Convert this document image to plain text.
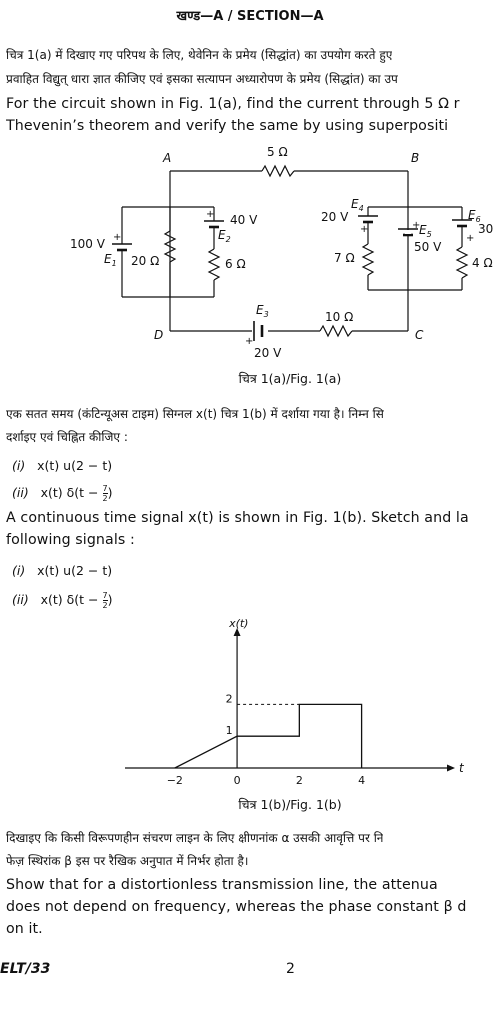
खण्ड—A / SECTION—A
चित्र 1(a) में दिखाए गए परिपथ के लिए, थेवेनिन के प्रमेय (सिद्धांत) का उपयोग करते हुए
प्रवाहित विद्युत् धारा ज्ञात कीजिए एवं इसका सत्यापन अध्यारोपण के प्रमेय (सिद्धांत) का उप
For the circuit shown in Fig. 1(a), find the current through 5 Ω r
Thevenin’s theorem and verify the same by using superpositi
A	B
D	C
5 Ω
10 Ω
20 Ω	6 Ω	7 Ω	4 Ω
100 V +
$E_1$
+ 40 V
$E_2$
$E_3$
+
20 V
$E_4$
20 V
+	+
$E_5$
50 V
$E_6$
30
+
चित्र 1(a)/Fig. 1(a)
एक सतत समय (कंटिन्यूअस टाइम) सिग्नल x(t) चित्र 1(b) में दर्शाया गया है। निम्न सि
दर्शाइए एवं चिह्नित कीजिए :
(i) x(t) u(2 − t)
(ii) x(t) $\delta(t - \frac{7}{2}$ )
A continuous time signal x(t) is shown in Fig. 1(b). Sketch and la
following signals :
(i) x(t) u(2 − t)
(ii) x(t) $\delta(t - \frac{7}{2}$ )
t
x(t)
−2	0	2	4
1
2
चित्र 1(b)/Fig. 1(b)
दिखाइए कि किसी विरूपणहीन संचरण लाइन के लिए क्षीणनांक α उसकी आवृत्ति पर नि
फेज़ स्थिरांक β इस पर रैखिक अनुपात में निर्भर होता है।
Show that for a distortionless transmission line, the attenua
does not depend on frequency, whereas the phase constant β d
on it.
ELT/33	2
